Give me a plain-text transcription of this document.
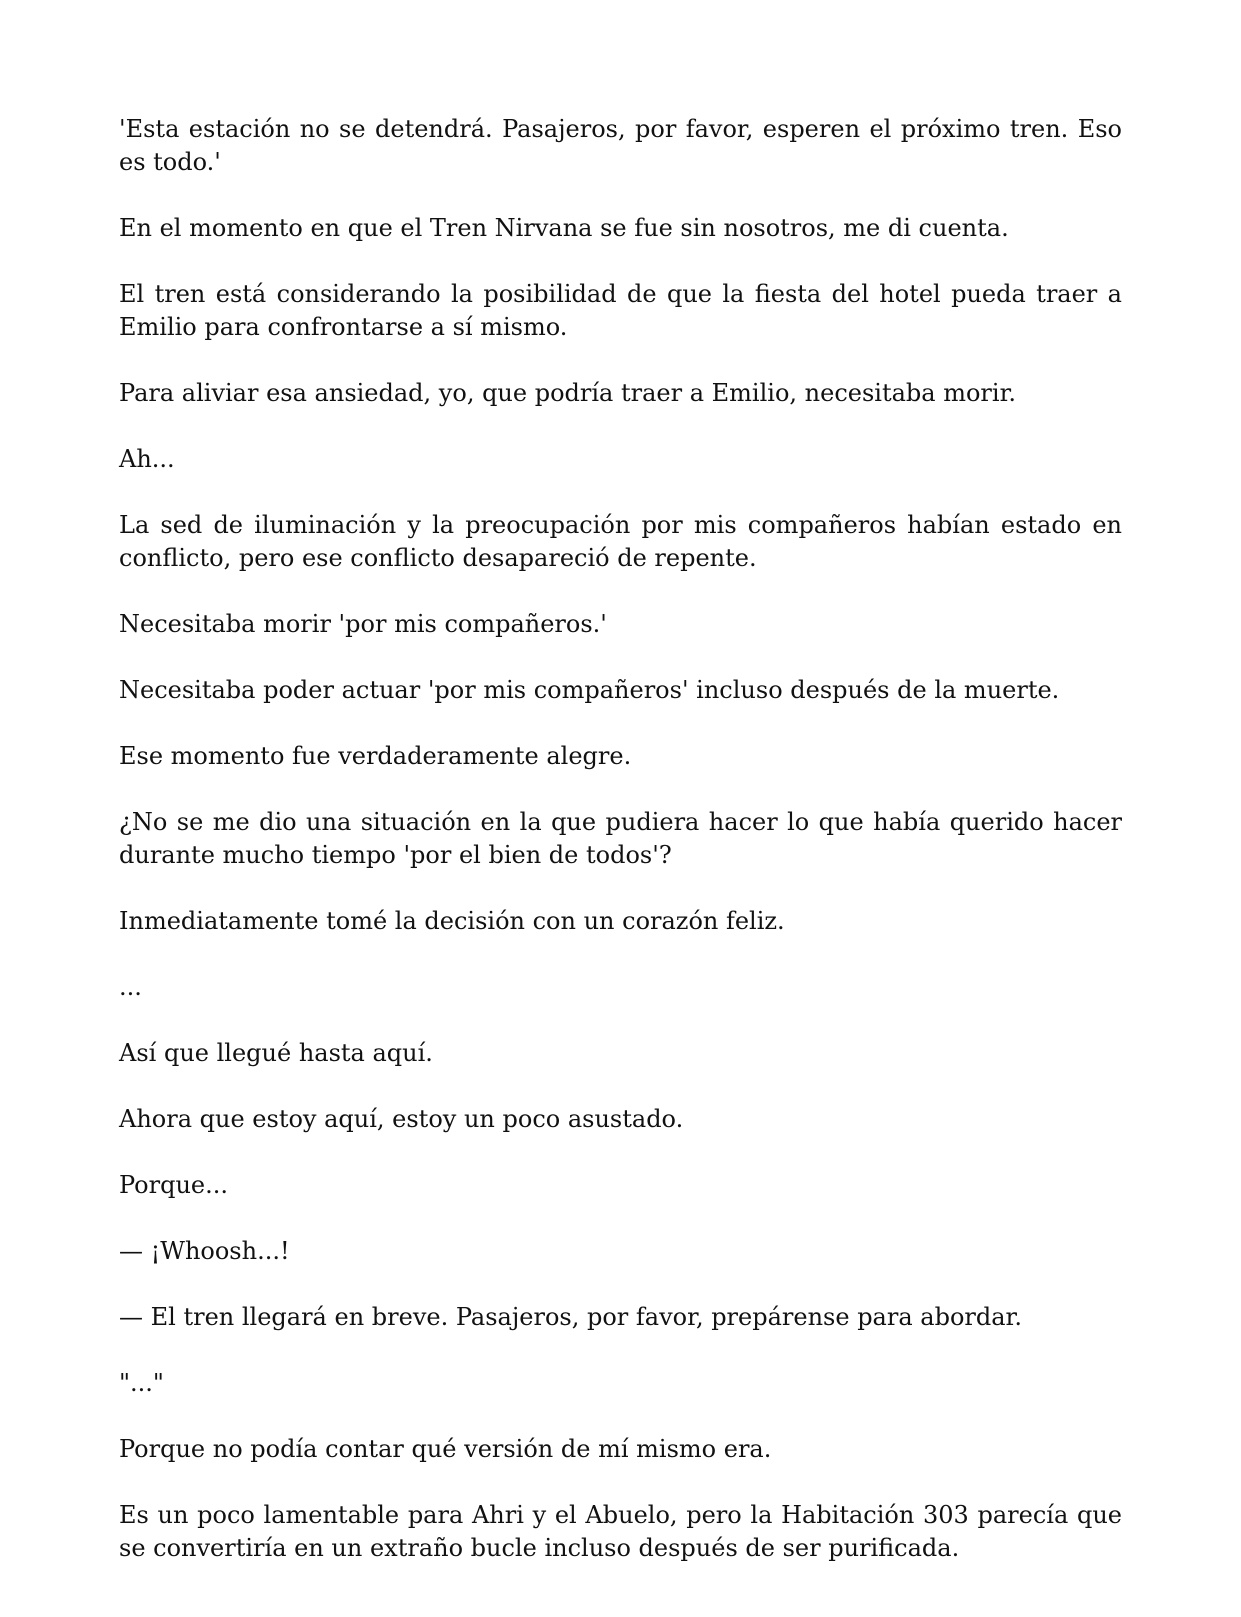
'Esta estación no se detendrá. Pasajeros, por favor, esperen el próximo tren. Eso es todo.'

En el momento en que el Tren Nirvana se fue sin nosotros, me di cuenta.

El tren está considerando la posibilidad de que la fiesta del hotel pueda traer a Emilio para confrontarse a sí mismo.

Para aliviar esa ansiedad, yo, que podría traer a Emilio, necesitaba morir.

Ah...

La sed de iluminación y la preocupación por mis compañeros habían estado en conflicto, pero ese conflicto desapareció de repente.

Necesitaba morir 'por mis compañeros.'

Necesitaba poder actuar 'por mis compañeros' incluso después de la muerte.

Ese momento fue verdaderamente alegre.

¿No se me dio una situación en la que pudiera hacer lo que había querido hacer durante mucho tiempo 'por el bien de todos'?

Inmediatamente tomé la decisión con un corazón feliz.

...

Así que llegué hasta aquí.

Ahora que estoy aquí, estoy un poco asustado.

Porque...

— ¡Whoosh...!

— El tren llegará en breve. Pasajeros, por favor, prepárense para abordar.

"..."

Porque no podía contar qué versión de mí mismo era.

Es un poco lamentable para Ahri y el Abuelo, pero la Habitación 303 parecía que se convertiría en un extraño bucle incluso después de ser purificada.
